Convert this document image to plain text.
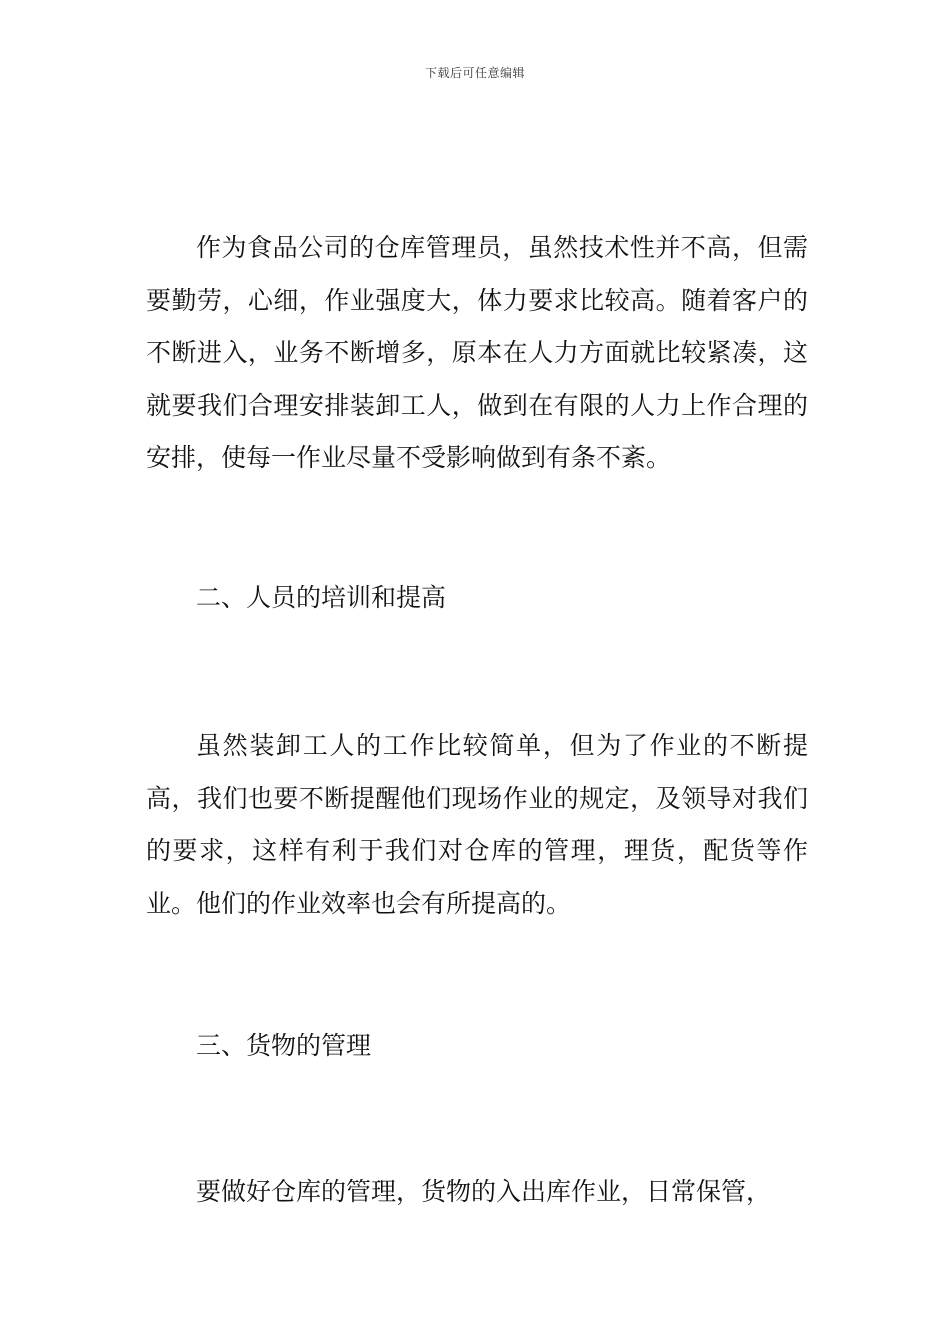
下载后可任意编辑

作为食品公司的仓库管理员，虽然技术性并不高，但需要勤劳，心细，作业强度大，体力要求比较高。随着客户的不断进入，业务不断增多，原本在人力方面就比较紧凑，这就要我们合理安排装卸工人，做到在有限的人力上作合理的安排，使每一作业尽量不受影响做到有条不紊。

二、人员的培训和提高

虽然装卸工人的工作比较简单，但为了作业的不断提高，我们也要不断提醒他们现场作业的规定，及领导对我们的要求，这样有利于我们对仓库的管理，理货，配货等作业。他们的作业效率也会有所提高的。

三、货物的管理

要做好仓库的管理，货物的入出库作业，日常保管，
